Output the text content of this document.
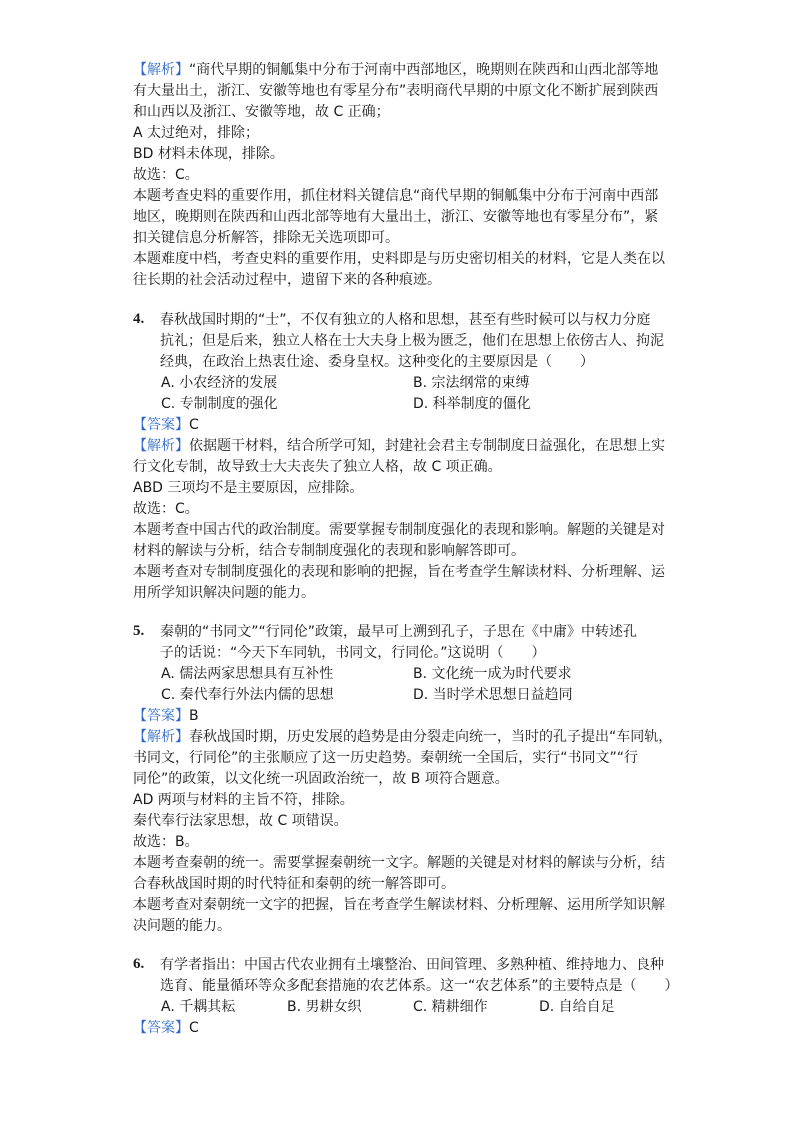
【解析】“商代早期的铜觚集中分布于河南中西部地区，晚期则在陕西和山西北部等地
有大量出土，浙江、安徽等地也有零星分布”表明商代早期的中原文化不断扩展到陕西
和山西以及浙江、安徽等地，故 C 正确；
A 太过绝对，排除；
BD 材料未体现，排除。
故选：C。
本题考查史料的重要作用，抓住材料关键信息“商代早期的铜觚集中分布于河南中西部
地区，晚期则在陕西和山西北部等地有大量出土，浙江、安徽等地也有零星分布”，紧
扣关键信息分析解答，排除无关选项即可。
本题难度中档，考查史料的重要作用，史料即是与历史密切相关的材料，它是人类在以
往长期的社会活动过程中，遗留下来的各种痕迹。
4. 春秋战国时期的“士”，不仅有独立的人格和思想，甚至有些时候可以与权力分庭
抗礼；但是后来，独立人格在士大夫身上极为匮乏，他们在思想上依傍古人、拘泥
经典，在政治上热衷仕途、委身皇权。这种变化的主要原因是（　　）
A. 小农经济的发展	B. 宗法纲常的束缚
C. 专制制度的强化	D. 科举制度的僵化
【答案】C
【解析】依据题干材料，结合所学可知，封建社会君主专制制度日益强化，在思想上实
行文化专制，故导致士大夫丧失了独立人格，故 C 项正确。
ABD 三项均不是主要原因，应排除。
故选：C。
本题考查中国古代的政治制度。需要掌握专制制度强化的表现和影响。解题的关键是对
材料的解读与分析，结合专制制度强化的表现和影响解答即可。
本题考查对专制制度强化的表现和影响的把握，旨在考查学生解读材料、分析理解、运
用所学知识解决问题的能力。
5. 秦朝的“书同文”“行同伦”政策，最早可上溯到孔子，子思在《中庸》中转述孔
子的话说：“今天下车同轨，书同文，行同伦。”这说明（　　）
A. 儒法两家思想具有互补性	B. 文化统一成为时代要求
C. 秦代奉行外法内儒的思想	D. 当时学术思想日益趋同
【答案】B
【解析】春秋战国时期，历史发展的趋势是由分裂走向统一，当时的孔子提出“车同轨，
书同文，行同伦”的主张顺应了这一历史趋势。秦朝统一全国后，实行“书同文”“行
同伦”的政策，以文化统一巩固政治统一，故 B 项符合题意。
AD 两项与材料的主旨不符，排除。
秦代奉行法家思想，故 C 项错误。
故选：B。
本题考查秦朝的统一。需要掌握秦朝统一文字。解题的关键是对材料的解读与分析，结
合春秋战国时期的时代特征和秦朝的统一解答即可。
本题考查对秦朝统一文字的把握，旨在考查学生解读材料、分析理解、运用所学知识解
决问题的能力。
6. 有学者指出：中国古代农业拥有土壤整治、田间管理、多熟种植、维持地力、良种
选育、能量循环等众多配套措施的农艺体系。这一“农艺体系”的主要特点是（　　）
A. 千耦其耘	B. 男耕女织	C. 精耕细作	D. 自给自足
【答案】C
